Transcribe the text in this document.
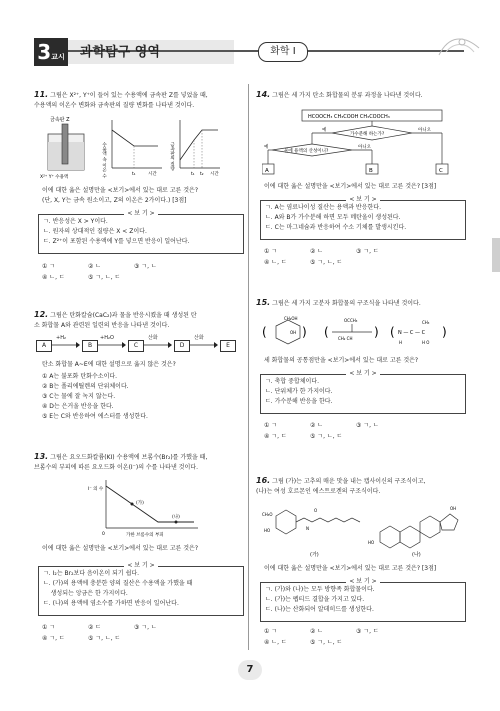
3교시 과학탐구 영역	화학 I
11. 그림은 X²⁺, Y⁺이 들어 있는 수용액에 금속판 Z를 넣었을 때,
수용액의 이온수 변화와 금속판의 질량 변화를 나타낸 것이다.
금속판 Z
X²⁺ Y⁺ 수용액	수용액 속 이온 수	t₁	시간
금속판의 질량
t₁ t₂ 시간
이에 대한 옳은 설명만을 <보기>에서 있는 대로 고른 것은?
(단, X, Y는 금속 원소이고, Z의 이온은 2가이다.) [3점]
< 보 기 >
ㄱ. 반응성은 X > Y이다.
ㄴ. 원자의 상대적인 질량은 X < Z이다.
ㄷ. Z²⁺이 포함된 수용액에 Y를 넣으면 반응이 일어난다.
① ㄱ	② ㄴ	③ ㄱ, ㄴ
④ ㄴ, ㄷ	⑤ ㄱ, ㄴ, ㄷ
12. 그림은 탄화칼슘(CaC₂)과 물을 반응시켰을 때 생성된 탄
소 화합물 A와 관련된 일련의 반응을 나타낸 것이다.
A
+H₂
B
+H₂O
C
산화
D
산화
E
탄소 화합물 A~E에 대한 설명으로 옳지 않은 것은?
① A는 불포화 탄화수소이다.
② B는 폴리에틸렌의 단위체이다.
③ C는 물에 잘 녹지 않는다.
④ D는 은거울 반응을 한다.
⑤ E는 C와 반응하여 에스터를 생성한다.
13. 그림은 요오드화칼륨(KI) 수용액에 브롬수(Br₂)를 가했을 때,
브롬수의 부피에 따른 요오드화 이온(I⁻)의 수를 나타낸 것이다.
I⁻ 의 수
0	가한 브롬수의 부피
(가)
(나)
이에 대한 옳은 설명만을 <보기>에서 있는 대로 고른 것은?
< 보 기 >
ㄱ. I₂는 Br₂보다 음이온이 되기 쉽다.
ㄴ. (가)의 용액에 충분한 양의 질산은 수용액을 가했을 때
생성되는 앙금은 한 가지이다.
ㄷ. (나)의 용액에 염소수를 가하면 반응이 일어난다.
① ㄱ	② ㄷ	③ ㄱ, ㄴ
④ ㄱ, ㄷ	⑤ ㄱ, ㄴ, ㄷ
14. 그림은 세 가지 탄소 화합물의 분류 과정을 나타낸 것이다.
HCOOCH₃ CH₃COOH CH₃COOCH₃
가수분해 하는가?
예	아니오
물에 용액의 산성이니?
예	아니오
A	B	C
이에 대한 옳은 설명만을 <보기>에서 있는 대로 고른 것은? [3점]
< 보 기 >
ㄱ. A는 염료나이성 질산는 용액과 반응한다.
ㄴ. A와 B가 가수분해 하면 모두 메탄올이 생성된다.
ㄷ. C는 마그네슘과 반응하여 수소 기체를 발생시킨다.
① ㄱ	② ㄴ	③ ㄱ, ㄷ
④ ㄴ, ㄷ	⑤ ㄱ, ㄴ, ㄷ
15. 그림은 세 가지 고분자 화합물의 구조식을 나타낸 것이다.
(
CH₂OH
OH ) (
OCCH₃
CH₂ CH ) ( N — C — C
CH₃
H	H O
)
세 화합물의 공통점만을 <보기>에서 있는 대로 고른 것은?
< 보 기 >
ㄱ. 축합 중합체이다.
ㄴ. 단위체가 한 가지이다.
ㄷ. 가수분해 반응을 한다.
① ㄱ	② ㄴ	③ ㄱ, ㄴ
④ ㄱ, ㄷ	⑤ ㄱ, ㄴ, ㄷ
16. 그림 (가)는 고추의 매운 맛을 내는 캡사이신의 구조식이고,
(나)는 여성 호르몬인 에스트로겐의 구조식이다.
CH₃O
HO	N
O
HO
OH
(가)	(나)
이에 대한 옳은 설명만을 <보기>에서 있는 대로 고른 것은? [3점]
< 보 기 >
ㄱ. (가)와 (나)는 모두 방향족 화합물이다.
ㄴ. (가)는 펩티드 결합을 가지고 있다.
ㄷ. (나)는 산화되어 알데히드를 생성한다.
① ㄱ	② ㄴ	③ ㄱ, ㄷ
④ ㄴ, ㄷ	⑤ ㄱ, ㄴ, ㄷ
7
